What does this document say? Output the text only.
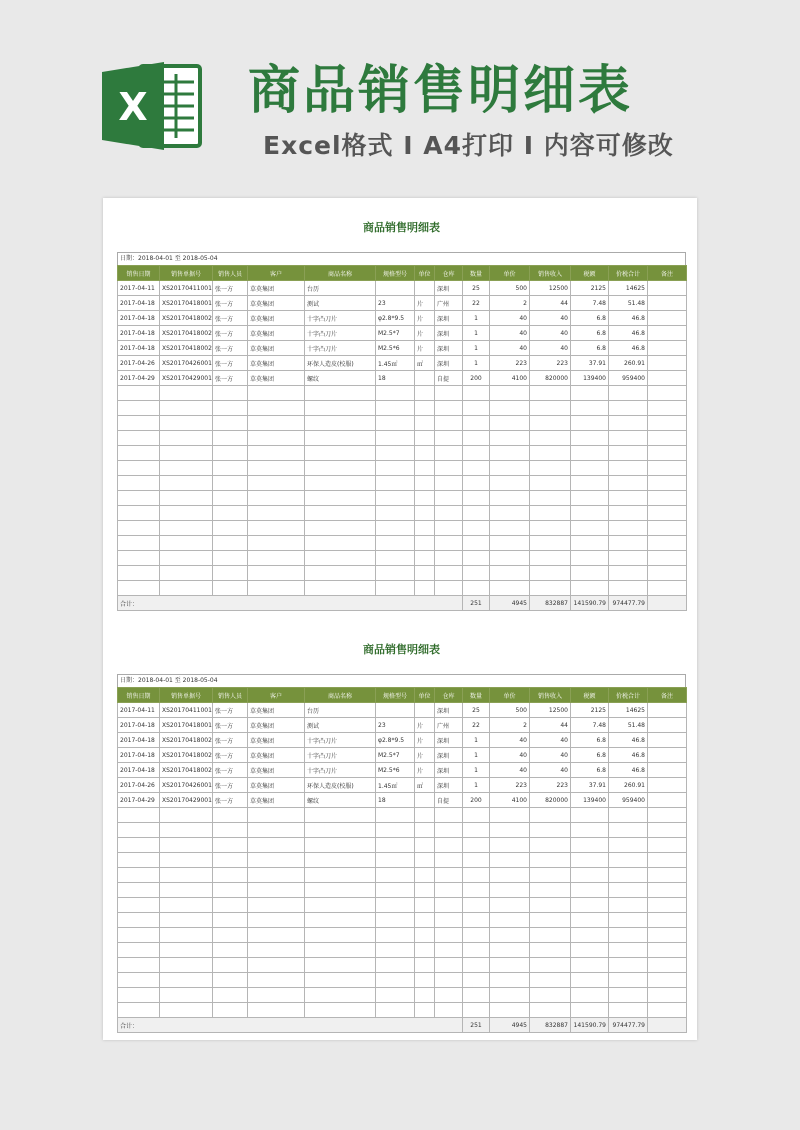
X 商品销售明细表
Excel格式 I A4打印 I 内容可修改
商品销售明细表
日期：2018-04-01 至 2018-05-04
销售日期	销售单据号	销售人员	客户	商品名称	规格型号	单位	仓库	数量	单价	销售收入	税额	价税合计	备注
2017-04-11	XS20170411001	张一方	草莫集团	台历			深圳	25	500	12500	2125	14625	
2017-04-18	XS20170418001	张一方	草莫集团	测试	23	片	广州	22	2	44	7.48	51.48	
2017-04-18	XS20170418002	张一方	草莫集团	十字凸刀片	φ2.8*9.5	片	深圳	1	40	40	6.8	46.8	
2017-04-18	XS20170418002	张一方	草莫集团	十字凸刀片	M2.5*7	片	深圳	1	40	40	6.8	46.8	
2017-04-18	XS20170418002	张一方	草莫集团	十字凸刀片	M2.5*6	片	深圳	1	40	40	6.8	46.8	
2017-04-26	XS20170426001	张一方	草莫集团	环保人造皮(校服)	1.45㎡	㎡	深圳	1	223	223	37.91	260.91	
2017-04-29	XS20170429001	张一方	草莫集团	螺纹	18		自提	200	4100	820000	139400	959400	

合计：								251	4945	832887	141590.79	974477.79	
商品销售明细表
日期：2018-04-01 至 2018-05-04
销售日期	销售单据号	销售人员	客户	商品名称	规格型号	单位	仓库	数量	单价	销售收入	税额	价税合计	备注
2017-04-11	XS20170411001	张一方	草莫集团	台历			深圳	25	500	12500	2125	14625	
2017-04-18	XS20170418001	张一方	草莫集团	测试	23	片	广州	22	2	44	7.48	51.48	
2017-04-18	XS20170418002	张一方	草莫集团	十字凸刀片	φ2.8*9.5	片	深圳	1	40	40	6.8	46.8	
2017-04-18	XS20170418002	张一方	草莫集团	十字凸刀片	M2.5*7	片	深圳	1	40	40	6.8	46.8	
2017-04-18	XS20170418002	张一方	草莫集团	十字凸刀片	M2.5*6	片	深圳	1	40	40	6.8	46.8	
2017-04-26	XS20170426001	张一方	草莫集团	环保人造皮(校服)	1.45㎡	㎡	深圳	1	223	223	37.91	260.91	
2017-04-29	XS20170429001	张一方	草莫集团	螺纹	18		自提	200	4100	820000	139400	959400	

合计：								251	4945	832887	141590.79	974477.79	
